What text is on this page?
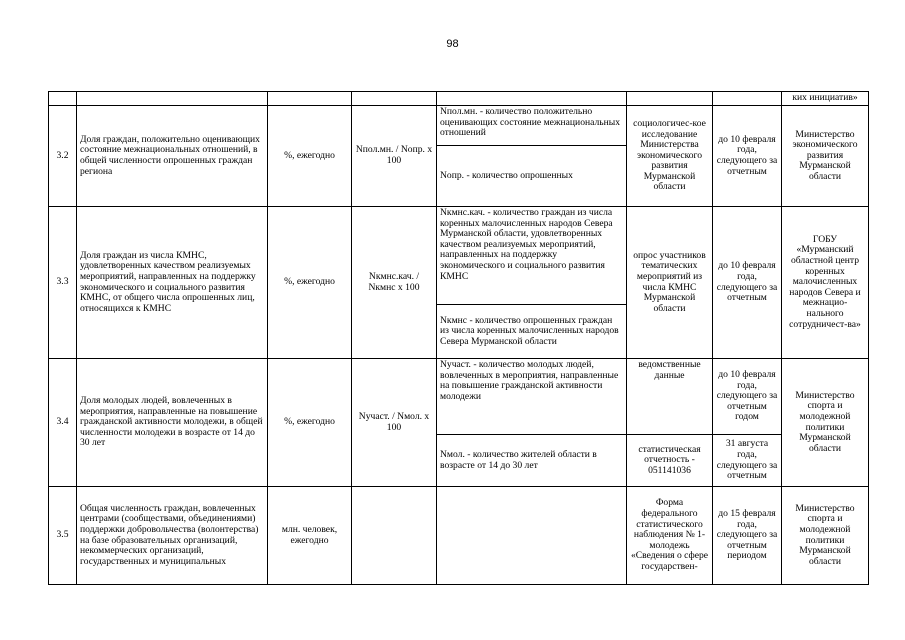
98
							ких инициатив»
3.2	Доля граждан, положительно оценивающих состояние межнациональных отношений, в общей численности опрошенных граждан региона	%, ежегодно	Nпол.мн. / Nопр. х 100	Nпол.мн. - количество положительно оценивающих состояние межнациональных отношений	социологичес-кое исследование Министерства экономического развития Мурманской области	до 10 февраля года, следующего за отчетным	Министерство экономического развития Мурманской области
				Nопр. - количество опрошенных			
3.3	Доля граждан из числа КМНС, удовлетворенных качеством реализуемых мероприятий, направленных на поддержку экономического и социального развития КМНС, от общего числа опрошенных лиц, относящихся к КМНС	%, ежегодно	Nкмнс.кач. / Nкмнс х 100	Nкмнс.кач. - количество граждан из числа коренных малочисленных народов Севера Мурманской области, удовлетворенных качеством реализуемых мероприятий, направленных на поддержку экономического и социального развития КМНС	опрос участников тематических мероприятий из числа КМНС Мурманской области	до 10 февраля года, следующего за отчетным	ГОБУ «Мурманский областной центр коренных малочисленных народов Севера и межнацио-нального сотрудничест-ва»
				Nкмнс - количество опрошенных граждан из числа коренных малочисленных народов Севера Мурманской области			
3.4	Доля молодых людей, вовлеченных в мероприятия, направленные на повышение гражданской активности молодежи, в общей численности молодежи в возрасте от 14 до 30 лет	%, ежегодно	Nучаст. / Nмол. х 100	Nучаст. - количество молодых людей, вовлеченных в мероприятия, направленные на повышение гражданской активности молодежи	ведомственные данные	до 10 февраля года, следующего за отчетным годом	Министерство спорта и молодежной политики Мурманской области
				Nмол. - количество жителей области в возрасте от 14 до 30 лет	статистическая отчетность - 051141036	31 августа года, следующего за отчетным	
3.5	Общая численность граждан, вовлеченных центрами (сообществами, объединениями) поддержки добровольчества (волонтерства) на базе образовательных организаций, некоммерческих организаций, государственных и муниципальных	млн. человек, ежегодно			Форма федерального статистического наблюдения № 1-молодежь «Сведения о сфере государствен-	до 15 февраля года, следующего за отчетным периодом	Министерство спорта и молодежной политики Мурманской области
